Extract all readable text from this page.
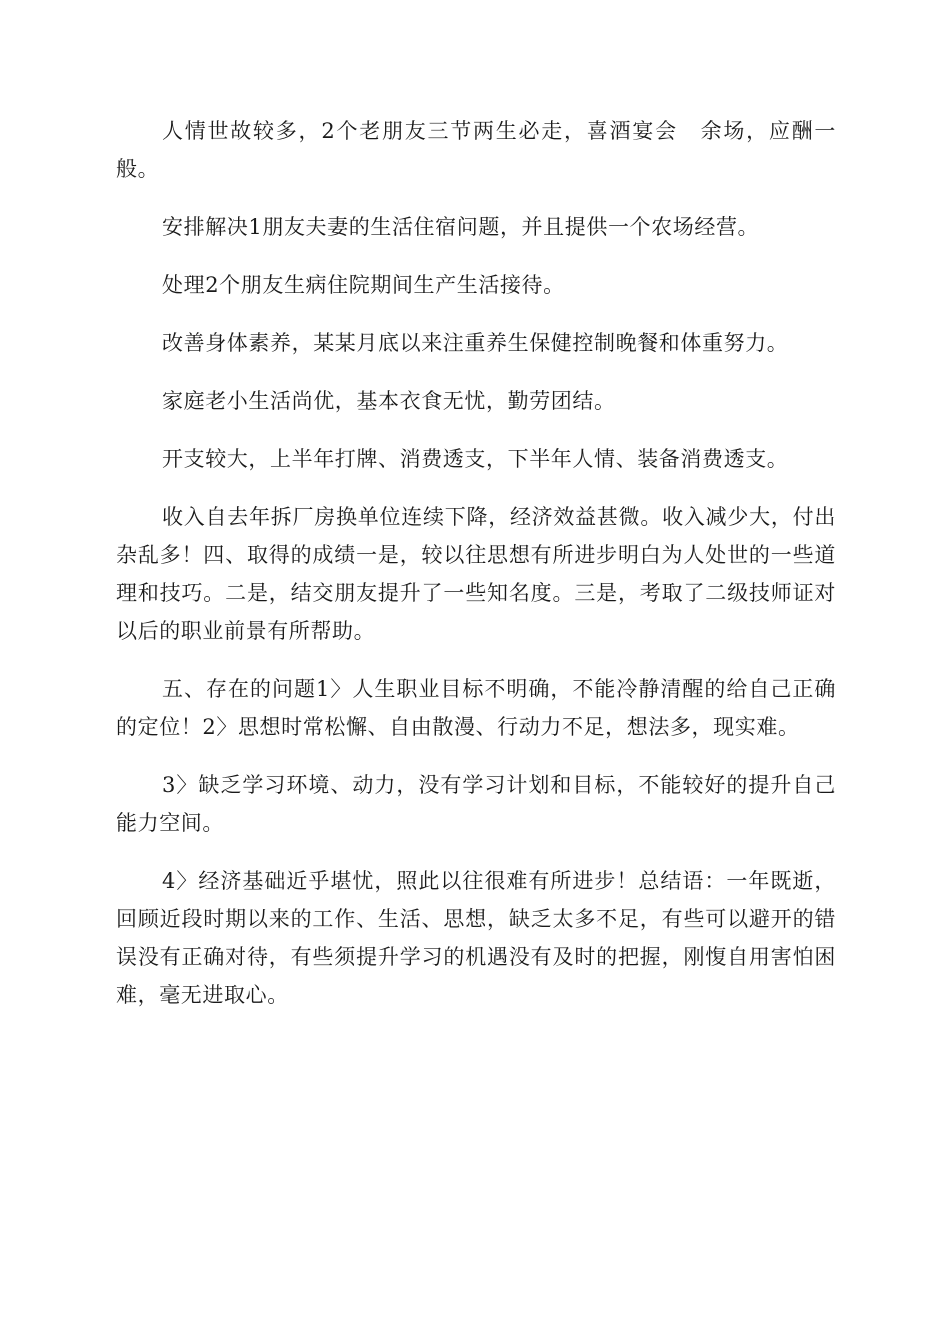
人情世故较多，2个老朋友三节两生必走，喜酒宴会　余场，应酬一般。

安排解决1朋友夫妻的生活住宿问题，并且提供一个农场经营。

处理2个朋友生病住院期间生产生活接待。

改善身体素养，某某月底以来注重养生保健控制晚餐和体重努力。

家庭老小生活尚优，基本衣食无忧，勤劳团结。

开支较大，上半年打牌、消费透支，下半年人情、装备消费透支。

收入自去年拆厂房换单位连续下降，经济效益甚微。收入减少大，付出杂乱多！四、取得的成绩一是，较以往思想有所进步明白为人处世的一些道理和技巧。二是，结交朋友提升了一些知名度。三是，考取了二级技师证对以后的职业前景有所帮助。

五、存在的问题1〉人生职业目标不明确，不能冷静清醒的给自己正确的定位！2〉思想时常松懈、自由散漫、行动力不足，想法多，现实难。

3〉缺乏学习环境、动力，没有学习计划和目标，不能较好的提升自己能力空间。

4〉经济基础近乎堪忧，照此以往很难有所进步！总结语：一年既逝，回顾近段时期以来的工作、生活、思想，缺乏太多不足，有些可以避开的错误没有正确对待，有些须提升学习的机遇没有及时的把握，刚愎自用害怕困难，毫无进取心。
